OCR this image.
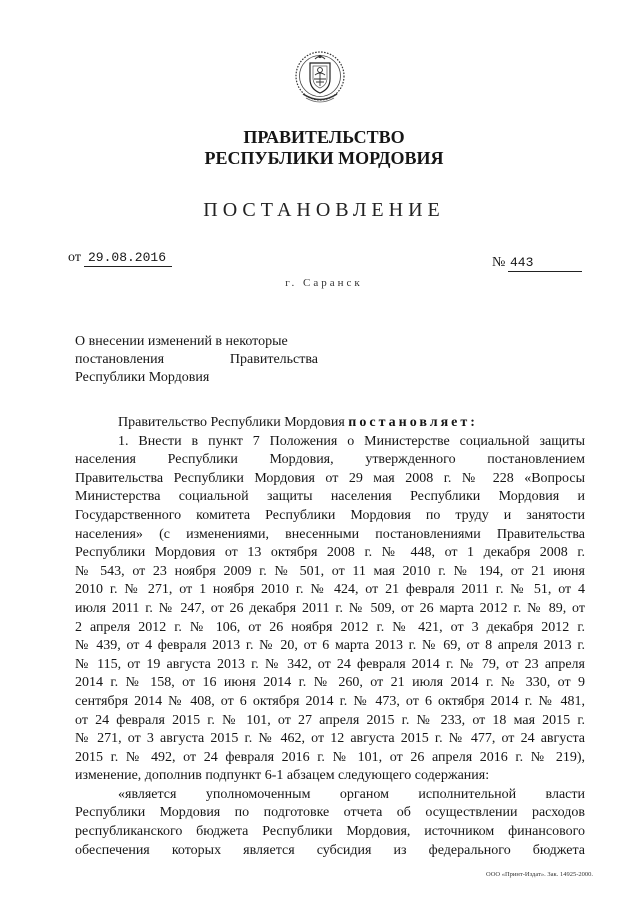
ПРАВИТЕЛЬСТВО
РЕСПУБЛИКИ МОРДОВИЯ
ПОСТАНОВЛЕНИЕ
от 29.08.2016	№ 443
г. Саранск
О внесении изменений в некоторые
постановления Правительства
Республики Мордовия
Правительство Республики Мордовия постановляет:
1. Внести в пункт 7 Положения о Министерстве социальной защиты
населения Республики Мордовия, утвержденного постановлением
Правительства Республики Мордовия от 29 мая 2008 г. № 228 «Вопросы
Министерства социальной защиты населения Республики Мордовия и
Государственного комитета Республики Мордовия по труду и занятости
населения» (с изменениями, внесенными постановлениями Правительства
Республики Мордовия от 13 октября 2008 г. № 448, от 1 декабря 2008 г.
№ 543, от 23 ноября 2009 г. № 501, от 11 мая 2010 г. № 194, от 21 июня
2010 г. № 271, от 1 ноября 2010 г. № 424, от 21 февраля 2011 г. № 51, от 4
июля 2011 г. № 247, от 26 декабря 2011 г. № 509, от 26 марта 2012 г. № 89, от
2 апреля 2012 г. № 106, от 26 ноября 2012 г. № 421, от 3 декабря 2012 г.
№ 439, от 4 февраля 2013 г. № 20, от 6 марта 2013 г. № 69, от 8 апреля 2013 г.
№ 115, от 19 августа 2013 г. № 342, от 24 февраля 2014 г. № 79, от 23 апреля
2014 г. № 158, от 16 июня 2014 г. № 260, от 21 июля 2014 г. № 330, от 9
сентября 2014 № 408, от 6 октября 2014 г. № 473, от 6 октября 2014 г. № 481,
от 24 февраля 2015 г. № 101, от 27 апреля 2015 г. № 233, от 18 мая 2015 г.
№ 271, от 3 августа 2015 г. № 462, от 12 августа 2015 г. № 477, от 24 августа
2015 г. № 492, от 24 февраля 2016 г. № 101, от 26 апреля 2016 г. № 219),
изменение, дополнив подпункт 6-1 абзацем следующего содержания:
«является уполномоченным органом исполнительной власти
Республики Мордовия по подготовке отчета об осуществлении расходов
республиканского бюджета Республики Мордовия, источником финансового
обеспечения которых является субсидия из федерального бюджета
ООО «Принт-Издат». Зак. 14925-2000.
